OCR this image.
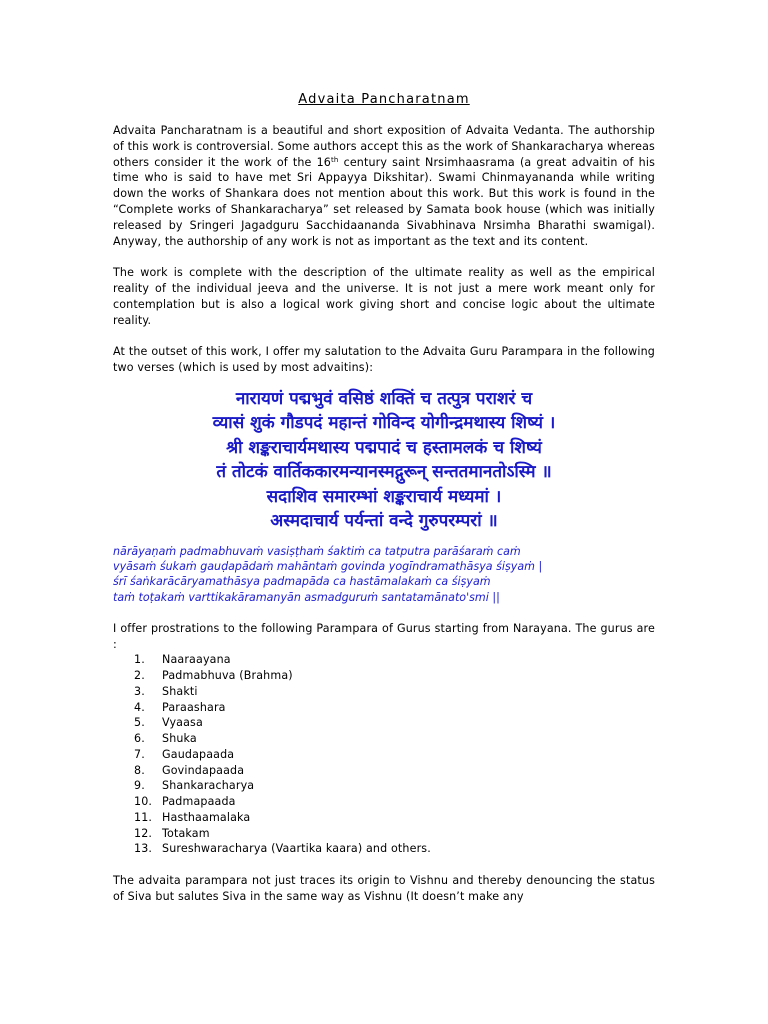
Advaita Pancharatnam

Advaita Pancharatnam is a beautiful and short exposition of Advaita Vedanta. The authorship of this work is controversial. Some authors accept this as the work of Shankaracharya whereas others consider it the work of the 16th century saint Nrsimhaasrama (a great advaitin of his time who is said to have met Sri Appayya Dikshitar). Swami Chinmayananda while writing down the works of Shankara does not mention about this work. But this work is found in the “Complete works of Shankaracharya” set released by Samata book house (which was initially released by Sringeri Jagadguru Sacchidaananda Sivabhinava Nrsimha Bharathi swamigal). Anyway, the authorship of any work is not as important as the text and its content.

The work is complete with the description of the ultimate reality as well as the empirical reality of the individual jeeva and the universe. It is not just a mere work meant only for contemplation but is also a logical work giving short and concise logic about the ultimate reality.

At the outset of this work, I offer my salutation to the Advaita Guru Parampara in the following two verses (which is used by most advaitins):

नारायणं पद्मभुवं वसिष्ठं शक्तिं च तत्पुत्र पराशरं च
व्यासं शुकं गौडपदं महान्तं गोविन्द योगीन्द्रमथास्य शिष्यं ।
श्री शङ्कराचार्यमथास्य पद्मपादं च हस्तामलकं च शिष्यं
तं तोटकं वार्तिककारमन्यानस्मद्गुरून् सन्ततमानतोऽस्मि ॥
सदाशिव समारम्भां शङ्कराचार्य मध्यमां ।
अस्मदाचार्य पर्यन्तां वन्दे गुरुपरम्परां ॥
nārāyaṇaṁ padmabhuvaṁ vasiṣṭhaṁ śaktiṁ ca tatputra parāśaraṁ caṁ
vyāsaṁ śukaṁ gauḍapādaṁ mahāntaṁ govinda yogīndramathāsya śiṣyaṁ |
śrī śaṅkarācāryamathāsya padmapāda ca hastāmalakaṁ ca śiṣyaṁ
taṁ toṭakaṁ varttikakāramanyān asmadguruṁ santatamānato'smi ||

I offer prostrations to the following Parampara of Gurus starting from Narayana. The gurus are :

1. Naaraayana
2. Padmabhuva (Brahma)
3. Shakti
4. Paraashara
5. Vyaasa
6. Shuka
7. Gaudapaada
8. Govindapaada
9. Shankaracharya
10. Padmapaada
11. Hasthaamalaka
12. Totakam
13. Sureshwaracharya (Vaartika kaara) and others.

The advaita parampara not just traces its origin to Vishnu and thereby denouncing the status of Siva but salutes Siva in the same way as Vishnu (It doesn’t make any
